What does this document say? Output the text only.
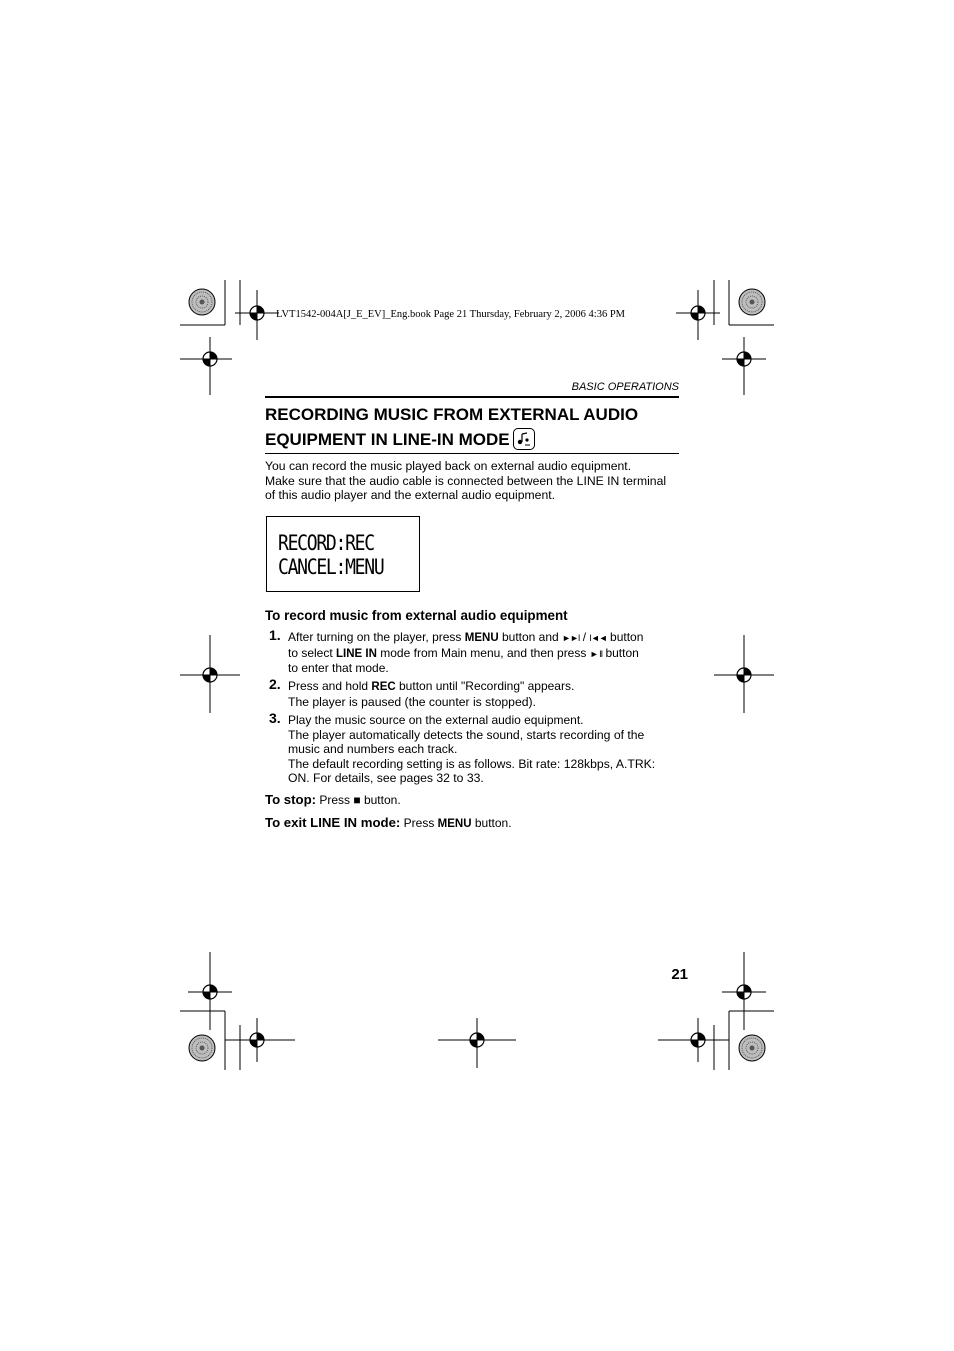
LVT1542-004A[J_E_EV]_Eng.book Page 21 Thursday, February 2, 2006 4:36 PM
BASIC OPERATIONS
RECORDING MUSIC FROM EXTERNAL AUDIO
EQUIPMENT IN LINE-IN MODE

You can record the music played back on external audio equipment.
Make sure that the audio cable is connected between the LINE IN terminal
of this audio player and the external audio equipment.

RECORD:REC
CANCEL:MENU
To record music from external audio equipment
1. After turning on the player, press MENU button and ►►I / I◄◄ button

to select LINE IN mode from Main menu, and then press ► II button

to enter that mode.

2. Press and hold REC button until "Recording" appears.

The player is paused (the counter is stopped).

3. Play the music source on the external audio equipment.

The player automatically detects the sound, starts recording of the

music and numbers each track.

The default recording setting is as follows. Bit rate: 128kbps, A.TRK:

ON. For details, see pages 32 to 33.

To stop: Press ■ button.
To exit LINE IN mode: Press MENU button.
21
